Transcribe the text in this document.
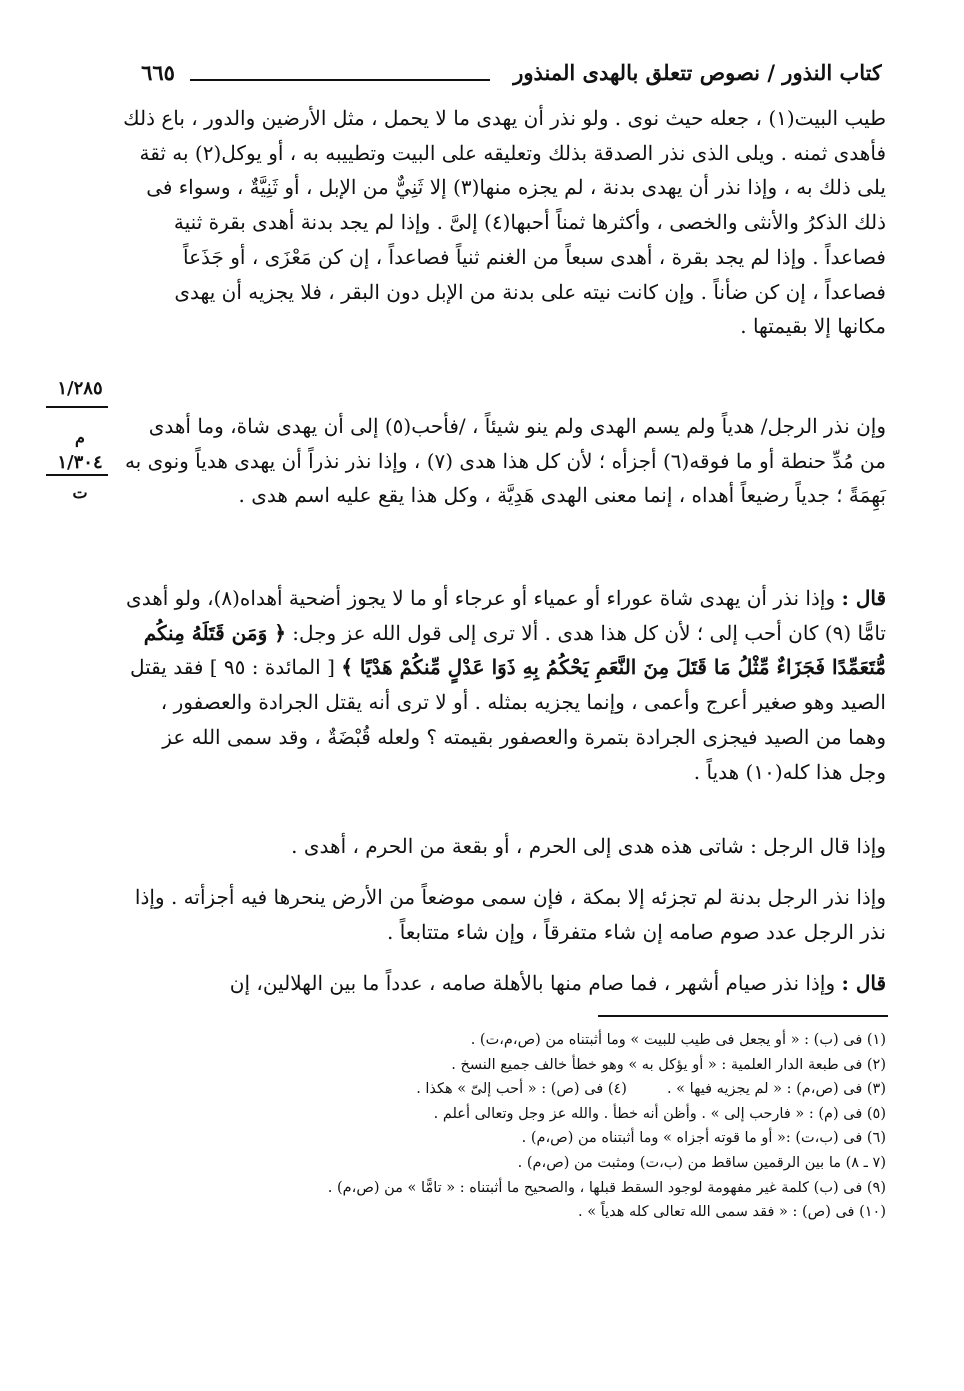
كتاب النذور / نصوص تتعلق بالهدى المنذور
٦٦٥
١/٢٨٥
م
١/٣٠٤
ت

طيب البيت(١) ، جعله حيث نوى . ولو نذر أن يهدى ما لا يحمل ، مثل الأرضين والدور ، باع ذلك فأهدى ثمنه . ويلى الذى نذر الصدقة بذلك وتعليقه على البيت وتطييبه به ، أو يوكل(٢) به ثقة يلى ذلك به ، وإذا نذر أن يهدى بدنة ، لم يجزه منها(٣) إلا ثَنِيٌّ من الإبل ، أو ثَنِيَّةٌ ، وسواء فى ذلك الذكرُ والأنثى والخصى ، وأكثرها ثمناً أحبها(٤) إلىَّ . وإذا لم يجد بدنة أهدى بقرة ثنية فصاعداً . وإذا لم يجد بقرة ، أهدى سبعاً من الغنم ثنياً فصاعداً ، إن كن مَعْزَى ، أو جَذَعاً فصاعداً ، إن كن ضأناً . وإن كانت نيته على بدنة من الإبل دون البقر ، فلا يجزيه أن يهدى مكانها إلا بقيمتها .

وإن نذر الرجل/ هدياً ولم يسم الهدى ولم ينو شيئاً ، /فأحب(٥) إلى أن يهدى شاة، وما أهدى من مُدِّ حنطة أو ما فوقه(٦) أجزأه ؛ لأن كل هذا هدى (٧) ، وإذا نذر نذراً أن يهدى هدياً ونوى به بَهِمَةً ؛ جدياً رضيعاً أهداه ، إنما معنى الهدى هَدِيَّة ، وكل هذا يقع عليه اسم هدى .

قال : وإذا نذر أن يهدى شاة عوراء أو عمياء أو عرجاء أو ما لا يجوز أضحية أهداه(٨)، ولو أهدى تامًّا (٩) كان أحب إلى ؛ لأن كل هذا هدى . ألا ترى إلى قول الله عز وجل: ﴿ وَمَن قَتَلَهُ مِنكُم مُّتَعَمِّدًا فَجَزَاءٌ مِّثْلُ مَا قَتَلَ مِنَ النَّعَمِ يَحْكُمُ بِهِ ذَوَا عَدْلٍ مِّنكُمْ هَدْيًا ﴾ [ المائدة : ٩٥ ] فقد يقتل الصيد وهو صغير أعرج وأعمى ، وإنما يجزيه بمثله . أو لا ترى أنه يقتل الجرادة والعصفور ، وهما من الصيد فيجزى الجرادة بتمرة والعصفور بقيمته ؟ ولعله قُبْضَةٌ ، وقد سمى الله عز وجل هذا كله(١٠) هدياً .

وإذا قال الرجل : شاتى هذه هدى إلى الحرم ، أو بقعة من الحرم ، أهدى .

وإذا نذر الرجل بدنة لم تجزئه إلا بمكة ، فإن سمى موضعاً من الأرض ينحرها فيه أجزأته . وإذا نذر الرجل عدد صوم صامه إن شاء متفرقاً ، وإن شاء متتابعاً .

قال : وإذا نذر صيام أشهر ، فما صام منها بالأهلة صامه ، عدداً ما بين الهلالين، إن

(١) فى (ب) : « أو يجعل فى طيب للبيت » وما أثبتناه من (ص،م،ت) .
(٢) فى طبعة الدار العلمية : « أو يؤكل به » وهو خطأ خالف جميع النسخ .
(٣) فى (ص،م) : « لم يجزيه فيها » .(٤) فى (ص) : « أحب إلىّ » هكذا .
(٥) فى (م) : « فارحب إلى » . وأظن أنه خطأ . والله عز وجل وتعالى أعلم .
(٦) فى (ب،ت) :« أو ما قوته أجزاه » وما أثبتناه من (ص،م) .
(٧ ـ ٨) ما بين الرقمين ساقط من (ب،ت) ومثبت من (ص،م) .
(٩) فى (ب) كلمة غير مفهومة لوجود السقط قبلها ، والصحيح ما أثبتناه : « تامًّا » من (ص،م) .
(١٠) فى (ص) : « فقد سمى الله تعالى كله هدياً » .
